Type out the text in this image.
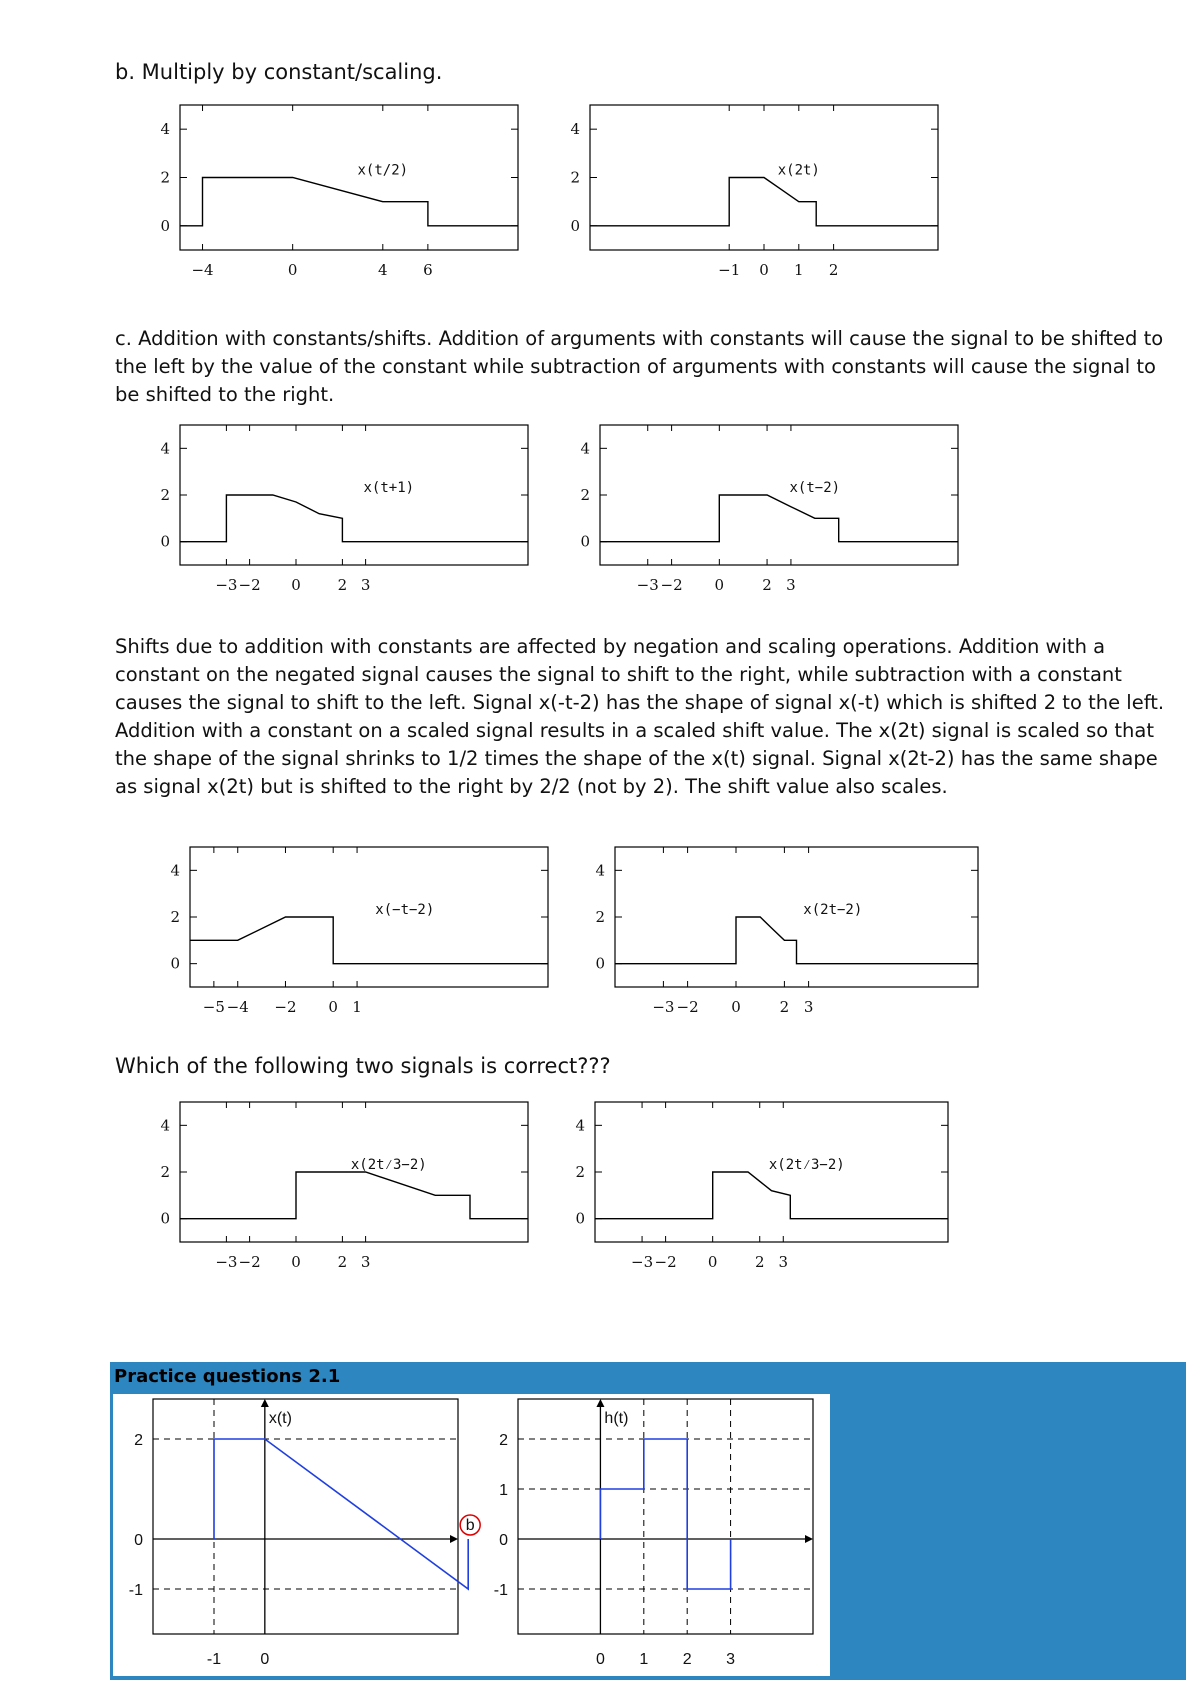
b. Multiply by constant/scaling.

0
2
4
−4	0	4 6
x(t/2)
0
2
4
−1 0 1 2
x(2t)

c. Addition with constants/shifts. Addition of arguments with constants will cause the signal to be shifted to the left by the value of the constant while subtraction of arguments with constants will cause the signal to be shifted to the right.

0
2
4
−3 −2 0 2 3
x(t+1)
0
2
4
−3 −2 0	2 3
x(t−2)

Shifts due to addition with constants are affected by negation and scaling operations. Addition with a constant on the negated signal causes the signal to shift to the right, while subtraction with a constant causes the signal to shift to the left. Signal x(-t-2) has the shape of signal x(-t) which is shifted 2 to the left. Addition with a constant on a scaled signal results in a scaled shift value. The x(2t) signal is scaled so that the shape of the signal shrinks to 1/2 times the shape of the x(t) signal. Signal x(2t-2) has the same shape as signal x(2t) but is shifted to the right by 2/2 (not by 2). The shift value also scales.

0
2
4
−5 −4 −2 0 1
x(−t−2)
0
2
4
−3 −2 0	2 3
x(2t−2)

Which of the following two signals is correct???

0
2
4
−3 −2 0 2 3
x(2t⁄3−2)
0
2
4
−3 −2 0	2 3
x(2t⁄3−2)

Practice questions 2.1

2
0
-1
-1 0
x(t)
b
2
1
0
-1
0 1 2 3
h(t)
